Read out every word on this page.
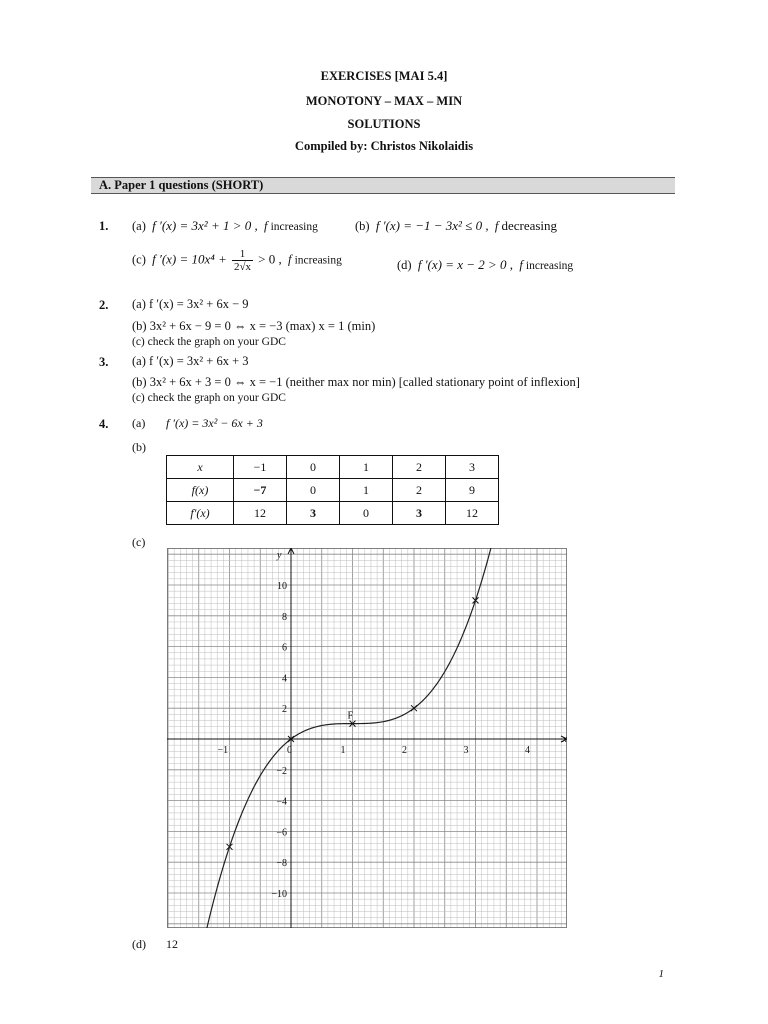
EXERCISES [MAI 5.4]
MONOTONY – MAX – MIN
SOLUTIONS
Compiled by: Christos Nikolaidis
A. Paper 1 questions (SHORT)
1. (a) f ′(x) = 3x² + 1 > 0 , f increasing	(b) f ′(x) = −1 − 3x² ≤ 0 , f decreasing
(c) f $'(x) = 10x^4 + \frac{1}{2√x} > 0$ , f increasing	(d) f ′(x) = x − 2 > 0 , f increasing
2. (a) f ′(x) = 3x² + 6x − 9
(b) 3x² + 6x − 9 = 0 ⇔ x = −3 (max) x = 1 (min)
(c) check the graph on your GDC
3. (a) f ′(x) = 3x² + 6x + 3
(b) 3x² + 6x + 3 = 0 ⇔ x = −1 (neither max nor min) [called stationary point of inflexion]
(c) check the graph on your GDC
4. (a) f ′(x) = 3x² − 6x + 3
(b)
x	−1	0	1	2	3
f(x)	−7	0	1	2	9
f′(x)	12	3	0	3	12
(c)
−1	0	1	2	3	4
10
8
6
4
2
−2
−4
−6
−8
−10
F
x
y
(d) 12
1
